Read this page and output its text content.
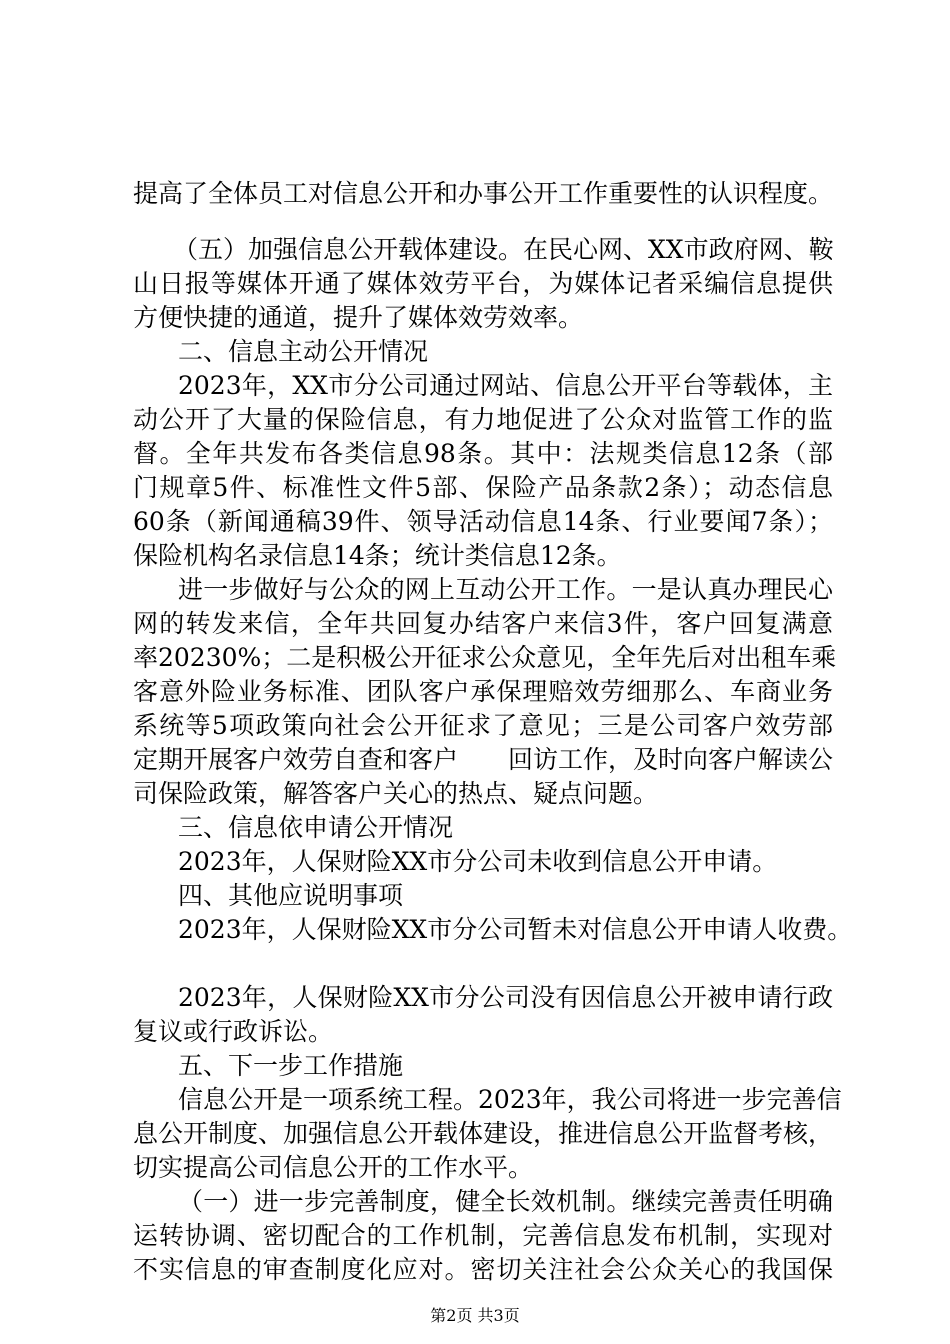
提高了全体员工对信息公开和办事公开工作重要性的认识程度。
（五）加强信息公开载体建设。在民心网、XX市政府网、鞍
山日报等媒体开通了媒体效劳平台，为媒体记者采编信息提供
方便快捷的通道，提升了媒体效劳效率。
二、信息主动公开情况
2023年，XX市分公司通过网站、信息公开平台等载体，主
动公开了大量的保险信息，有力地促进了公众对监管工作的监
督。全年共发布各类信息98条。其中：法规类信息12条（部
门规章5件、标准性文件5部、保险产品条款2条）；动态信息
60条（新闻通稿39件、领导活动信息14条、行业要闻7条）；
保险机构名录信息14条；统计类信息12条。
进一步做好与公众的网上互动公开工作。一是认真办理民心
网的转发来信，全年共回复办结客户来信3件，客户回复满意
率20230%；二是积极公开征求公众意见，全年先后对出租车乘
客意外险业务标准、团队客户承保理赔效劳细那么、车商业务
系统等5项政策向社会公开征求了意见；三是公司客户效劳部
定期开展客户效劳自查和客户　　回访工作，及时向客户解读公
司保险政策，解答客户关心的热点、疑点问题。
三、信息依申请公开情况
2023年，人保财险XX市分公司未收到信息公开申请。
四、其他应说明事项
2023年，人保财险XX市分公司暂未对信息公开申请人收费。
2023年，人保财险XX市分公司没有因信息公开被申请行政
复议或行政诉讼。
五、下一步工作措施
信息公开是一项系统工程。2023年，我公司将进一步完善信
息公开制度、加强信息公开载体建设，推进信息公开监督考核，
切实提高公司信息公开的工作水平。
（一）进一步完善制度，健全长效机制。继续完善责任明确
运转协调、密切配合的工作机制，完善信息发布机制，实现对
不实信息的审查制度化应对。密切关注社会公众关心的我国保
第2页 共3页
